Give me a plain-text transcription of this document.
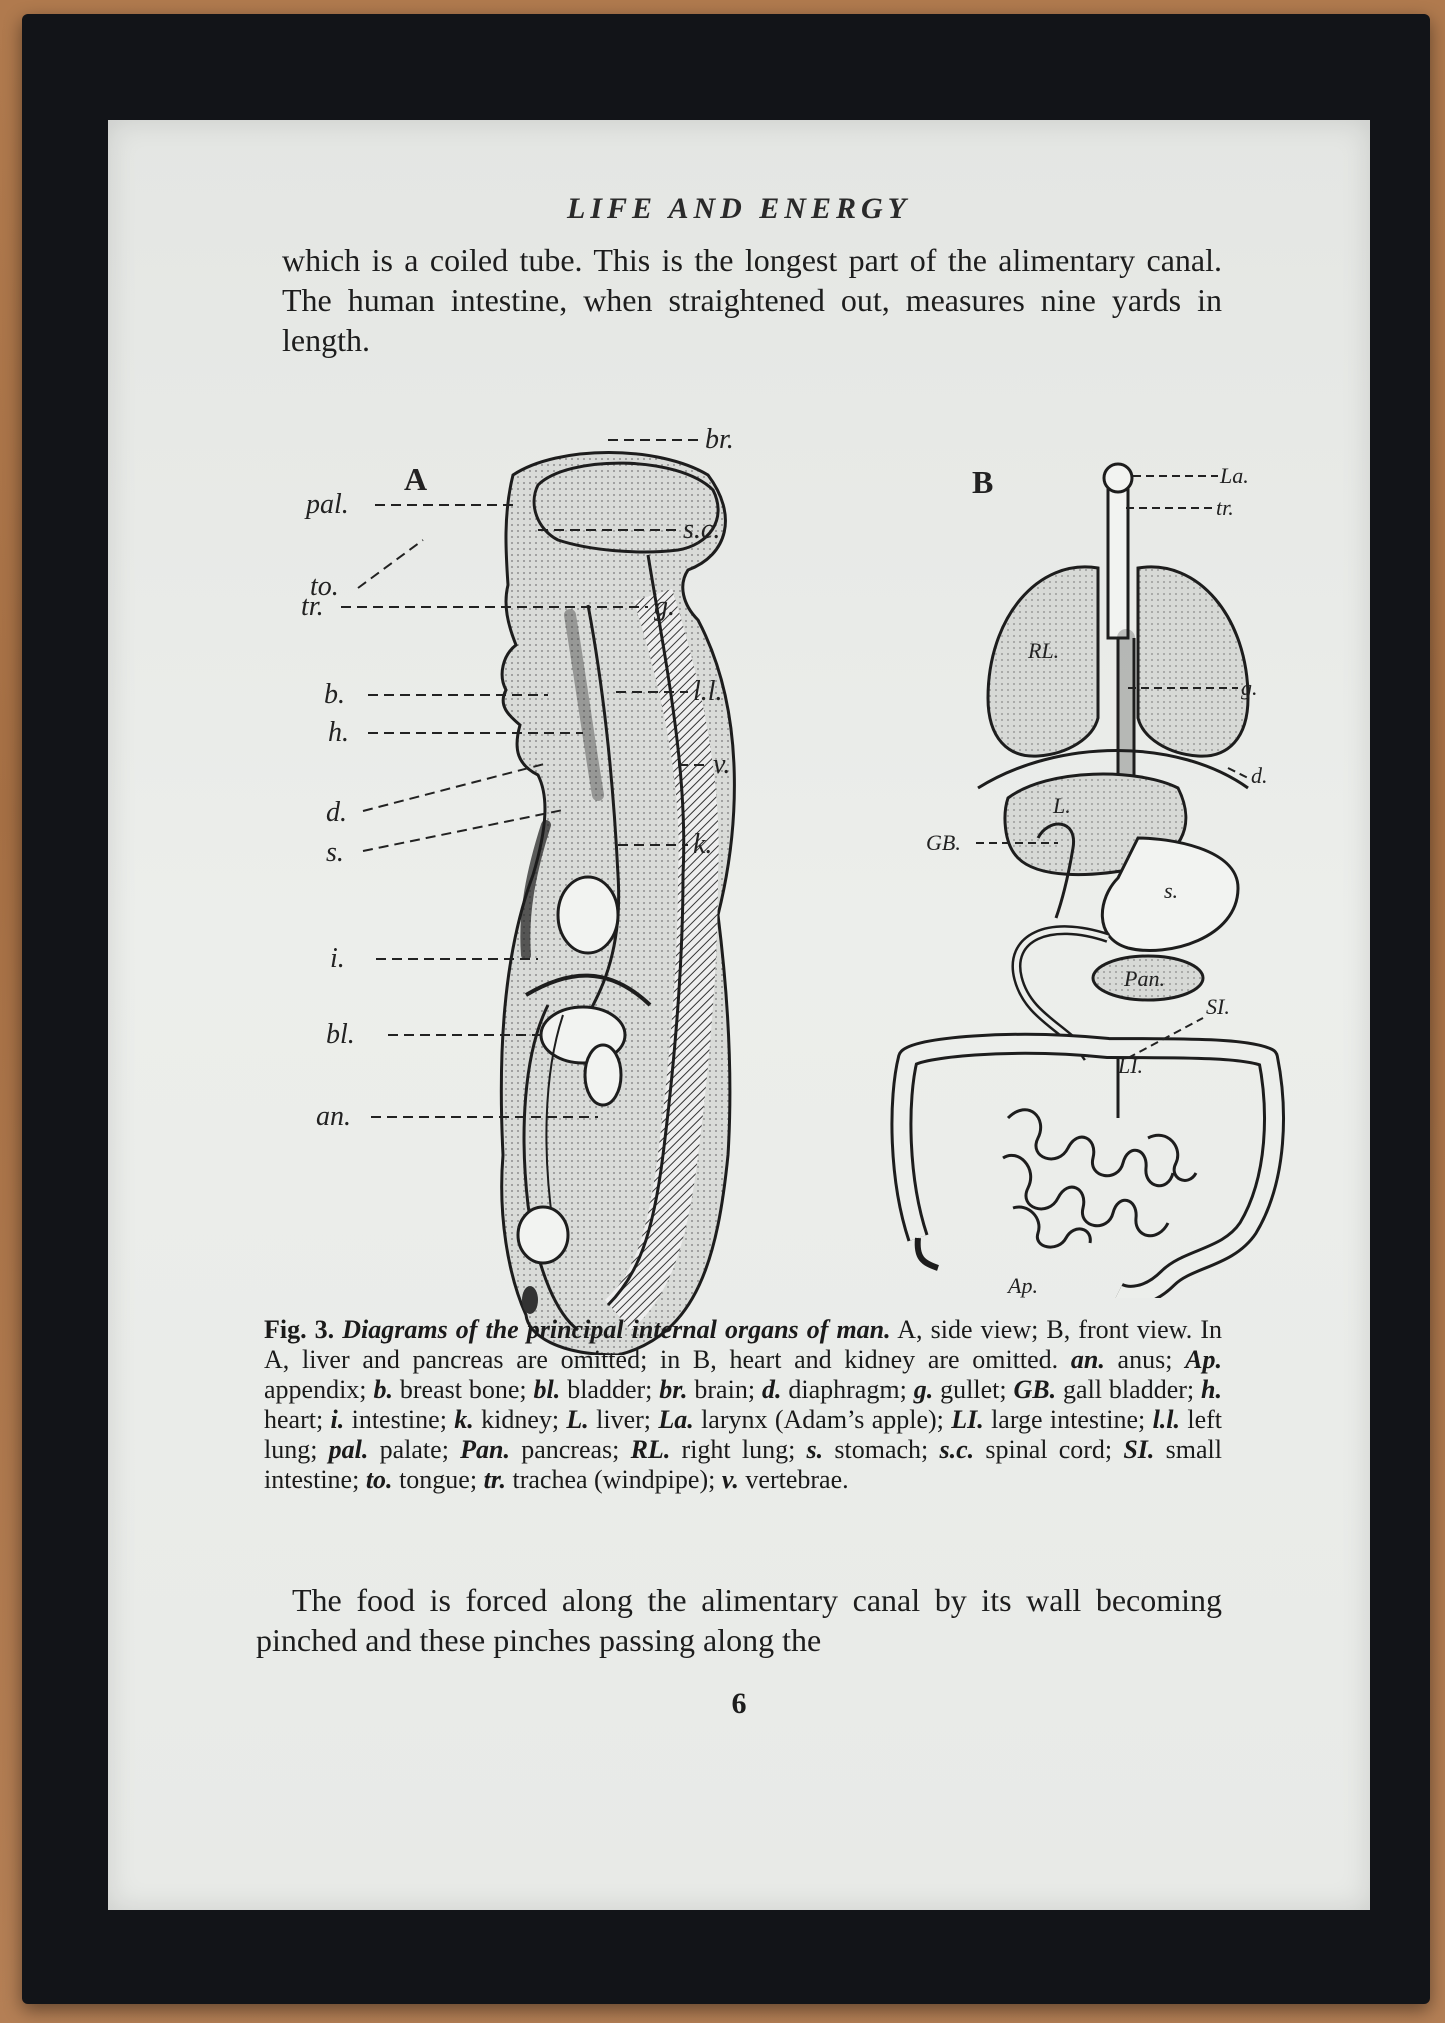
LIFE AND ENERGY
which is a coiled tube. This is the longest part of the alimentary canal. The human intestine, when straightened out, measures nine yards in length.
A
br.
pal.
s.c.
to.
tr.	g.
b.	l.l.
h.
v.
d.
k.
s.
i.
bl.
an.
B	La.
tr.
RL.
g.
d.
L.
GB.
s.
Pan.
SI.
LI.
Ap.
Fig. 3. Diagrams of the principal internal organs of man. A, side view; B, front view. In A, liver and pancreas are omitted; in B, heart and kidney are omitted. an. anus; Ap. appendix; b. breast bone; bl. bladder; br. brain; d. diaphragm; g. gullet; GB. gall bladder; h. heart; i. intestine; k. kidney; L. liver; La. larynx (Adam’s apple); LI. large intestine; l.l. left lung; pal. palate; Pan. pancreas; RL. right lung; s. stomach; s.c. spinal cord; SI. small intestine; to. tongue; tr. trachea (windpipe); v. vertebrae.
The food is forced along the alimentary canal by its wall becoming pinched and these pinches passing along the
6
